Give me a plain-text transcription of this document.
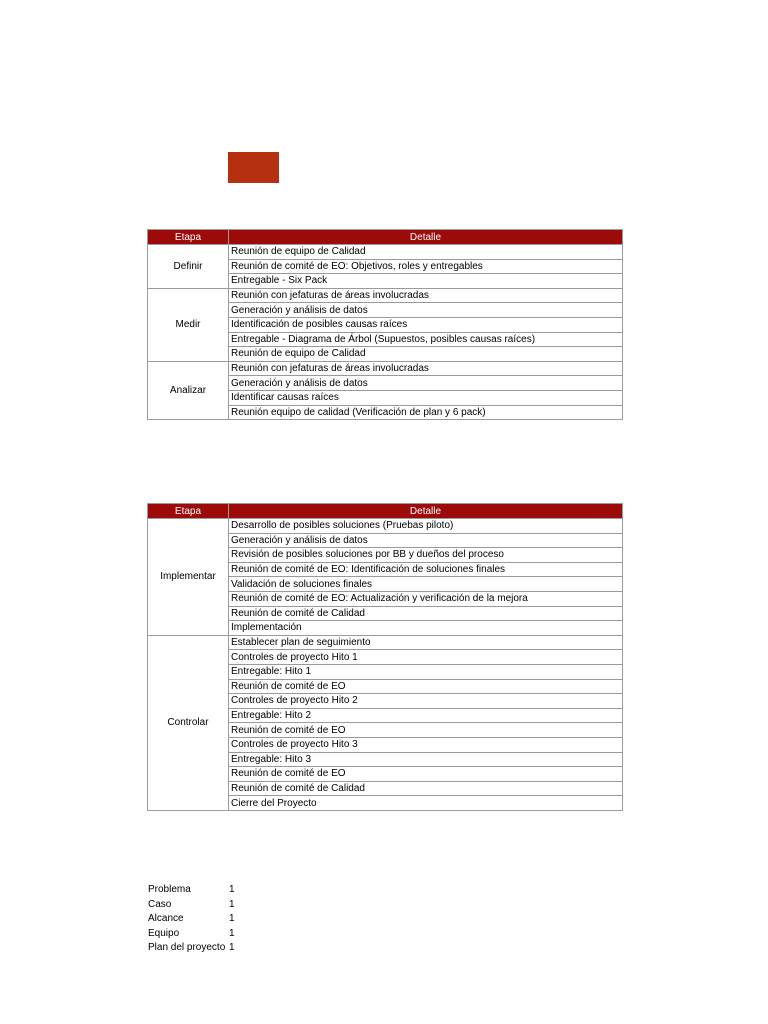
Etapa	Detalle
Definir	Reunión de equipo de Calidad
	Reunión de comité de EO: Objetivos, roles y entregables
	Entregable - Six Pack
Medir	Reunión con jefaturas de áreas involucradas
	Generación y análisis de datos
	Identificación de posibles causas raíces
	Entregable - Diagrama de Árbol (Supuestos, posibles causas raíces)
	Reunión de equipo de Calidad
Analizar	Reunión con jefaturas de áreas involucradas
	Generación y análisis de datos
	Identificar causas raíces
	Reunión equipo de calidad (Verificación de plan y 6 pack)
Etapa	Detalle
Implementar	Desarrollo de posibles soluciones (Pruebas piloto)
	Generación y análisis de datos
	Revisión de posibles soluciones por BB y dueños del proceso
	Reunión de comité de EO: Identificación de soluciones finales
	Validación de soluciones finales
	Reunión de comité de EO: Actualización y verificación de la mejora
	Reunión de comité de Calidad
	Implementación
Controlar	Establecer plan de seguimiento
	Controles de proyecto Hito 1
	Entregable: Hito 1
	Reunión de comité de EO
	Controles de proyecto Hito 2
	Entregable: Hito 2
	Reunión de comité de EO
	Controles de proyecto Hito 3
	Entregable: Hito 3
	Reunión de comité de EO
	Reunión de comité de Calidad
	Cierre del Proyecto
Problema	1
Caso	1
Alcance	1
Equipo	1
Plan del proyecto 1
